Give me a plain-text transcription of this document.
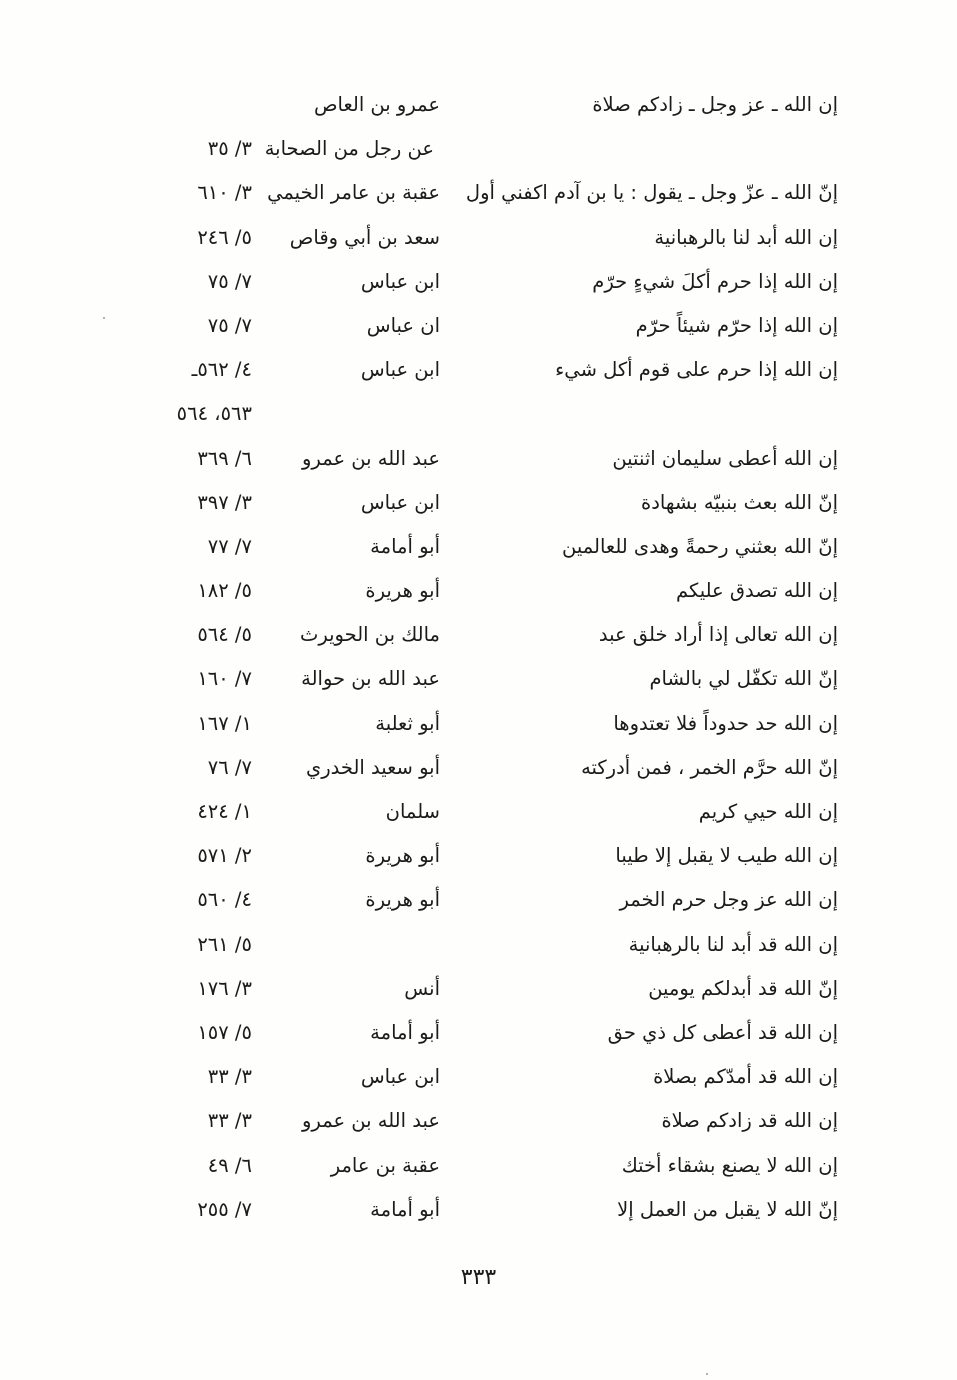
إن الله ـ عز وجل ـ زادكم صلاة
عمرو بن العاص
عن رجل من الصحابة
٣/ ٣٥
إنّ الله ـ عزّ وجل ـ يقول : يا بن آدم اكفني أول
عقبة بن عامر الخيمي
٣/ ٦١٠
إن الله أبد لنا بالرهبانية
سعد بن أبي وقاص
٥/ ٢٤٦
إن الله إذا حرم أكلَ شيءٍ حرّم
ابن عباس
٧/ ٧٥
إن الله إذا حرّم شيئاً حرّم
ان عباس
٧/ ٧٥
إن الله إذا حرم على قوم أكل شيء
ابن عباس
٤/ ٥٦٢ـ
٥٦٣، ٥٦٤
إن الله أعطى سليمان اثنتين
عبد الله بن عمرو
٦/ ٣٦٩
إنّ الله بعث بنبيّه بشهادة
ابن عباس
٣/ ٣٩٧
إنّ الله بعثني رحمةً وهدى للعالمين
أبو أمامة
٧/ ٧٧
إن الله تصدق عليكم
أبو هريرة
٥/ ١٨٢
إن الله تعالى إذا أراد خلق عبد
مالك بن الحويرث
٥/ ٥٦٤
إنّ الله تكفّل لي بالشام
عبد الله بن حوالة
٧/ ١٦٠
إن الله حد حدوداً فلا تعتدوها
أبو ثعلبة
١/ ١٦٧
إنّ الله حرَّم الخمر ، فمن أدركته
أبو سعيد الخدري
٧/ ٧٦
إن الله حيي كريم
سلمان
١/ ٤٢٤
إن الله طيب لا يقبل إلا طيبا
أبو هريرة
٢/ ٥٧١
إن الله عز وجل حرم الخمر
أبو هريرة
٤/ ٥٦٠
إن الله قد أبد لنا بالرهبانية
٥/ ٢٦١
إنّ الله قد أبدلكم يومين
أنس
٣/ ١٧٦
إن الله قد أعطى كل ذي حق
أبو أمامة
٥/ ١٥٧
إن الله قد أمدّكم بصلاة
ابن عباس
٣/ ٣٣
إن الله قد زادكم صلاة
عبد الله بن عمرو
٣/ ٣٣
إن الله لا يصنع بشقاء أختك
عقبة بن عامر
٦/ ٤٩
إنّ الله لا يقبل من العمل إلا
أبو أمامة
٧/ ٢٥٥
٣٣٣
